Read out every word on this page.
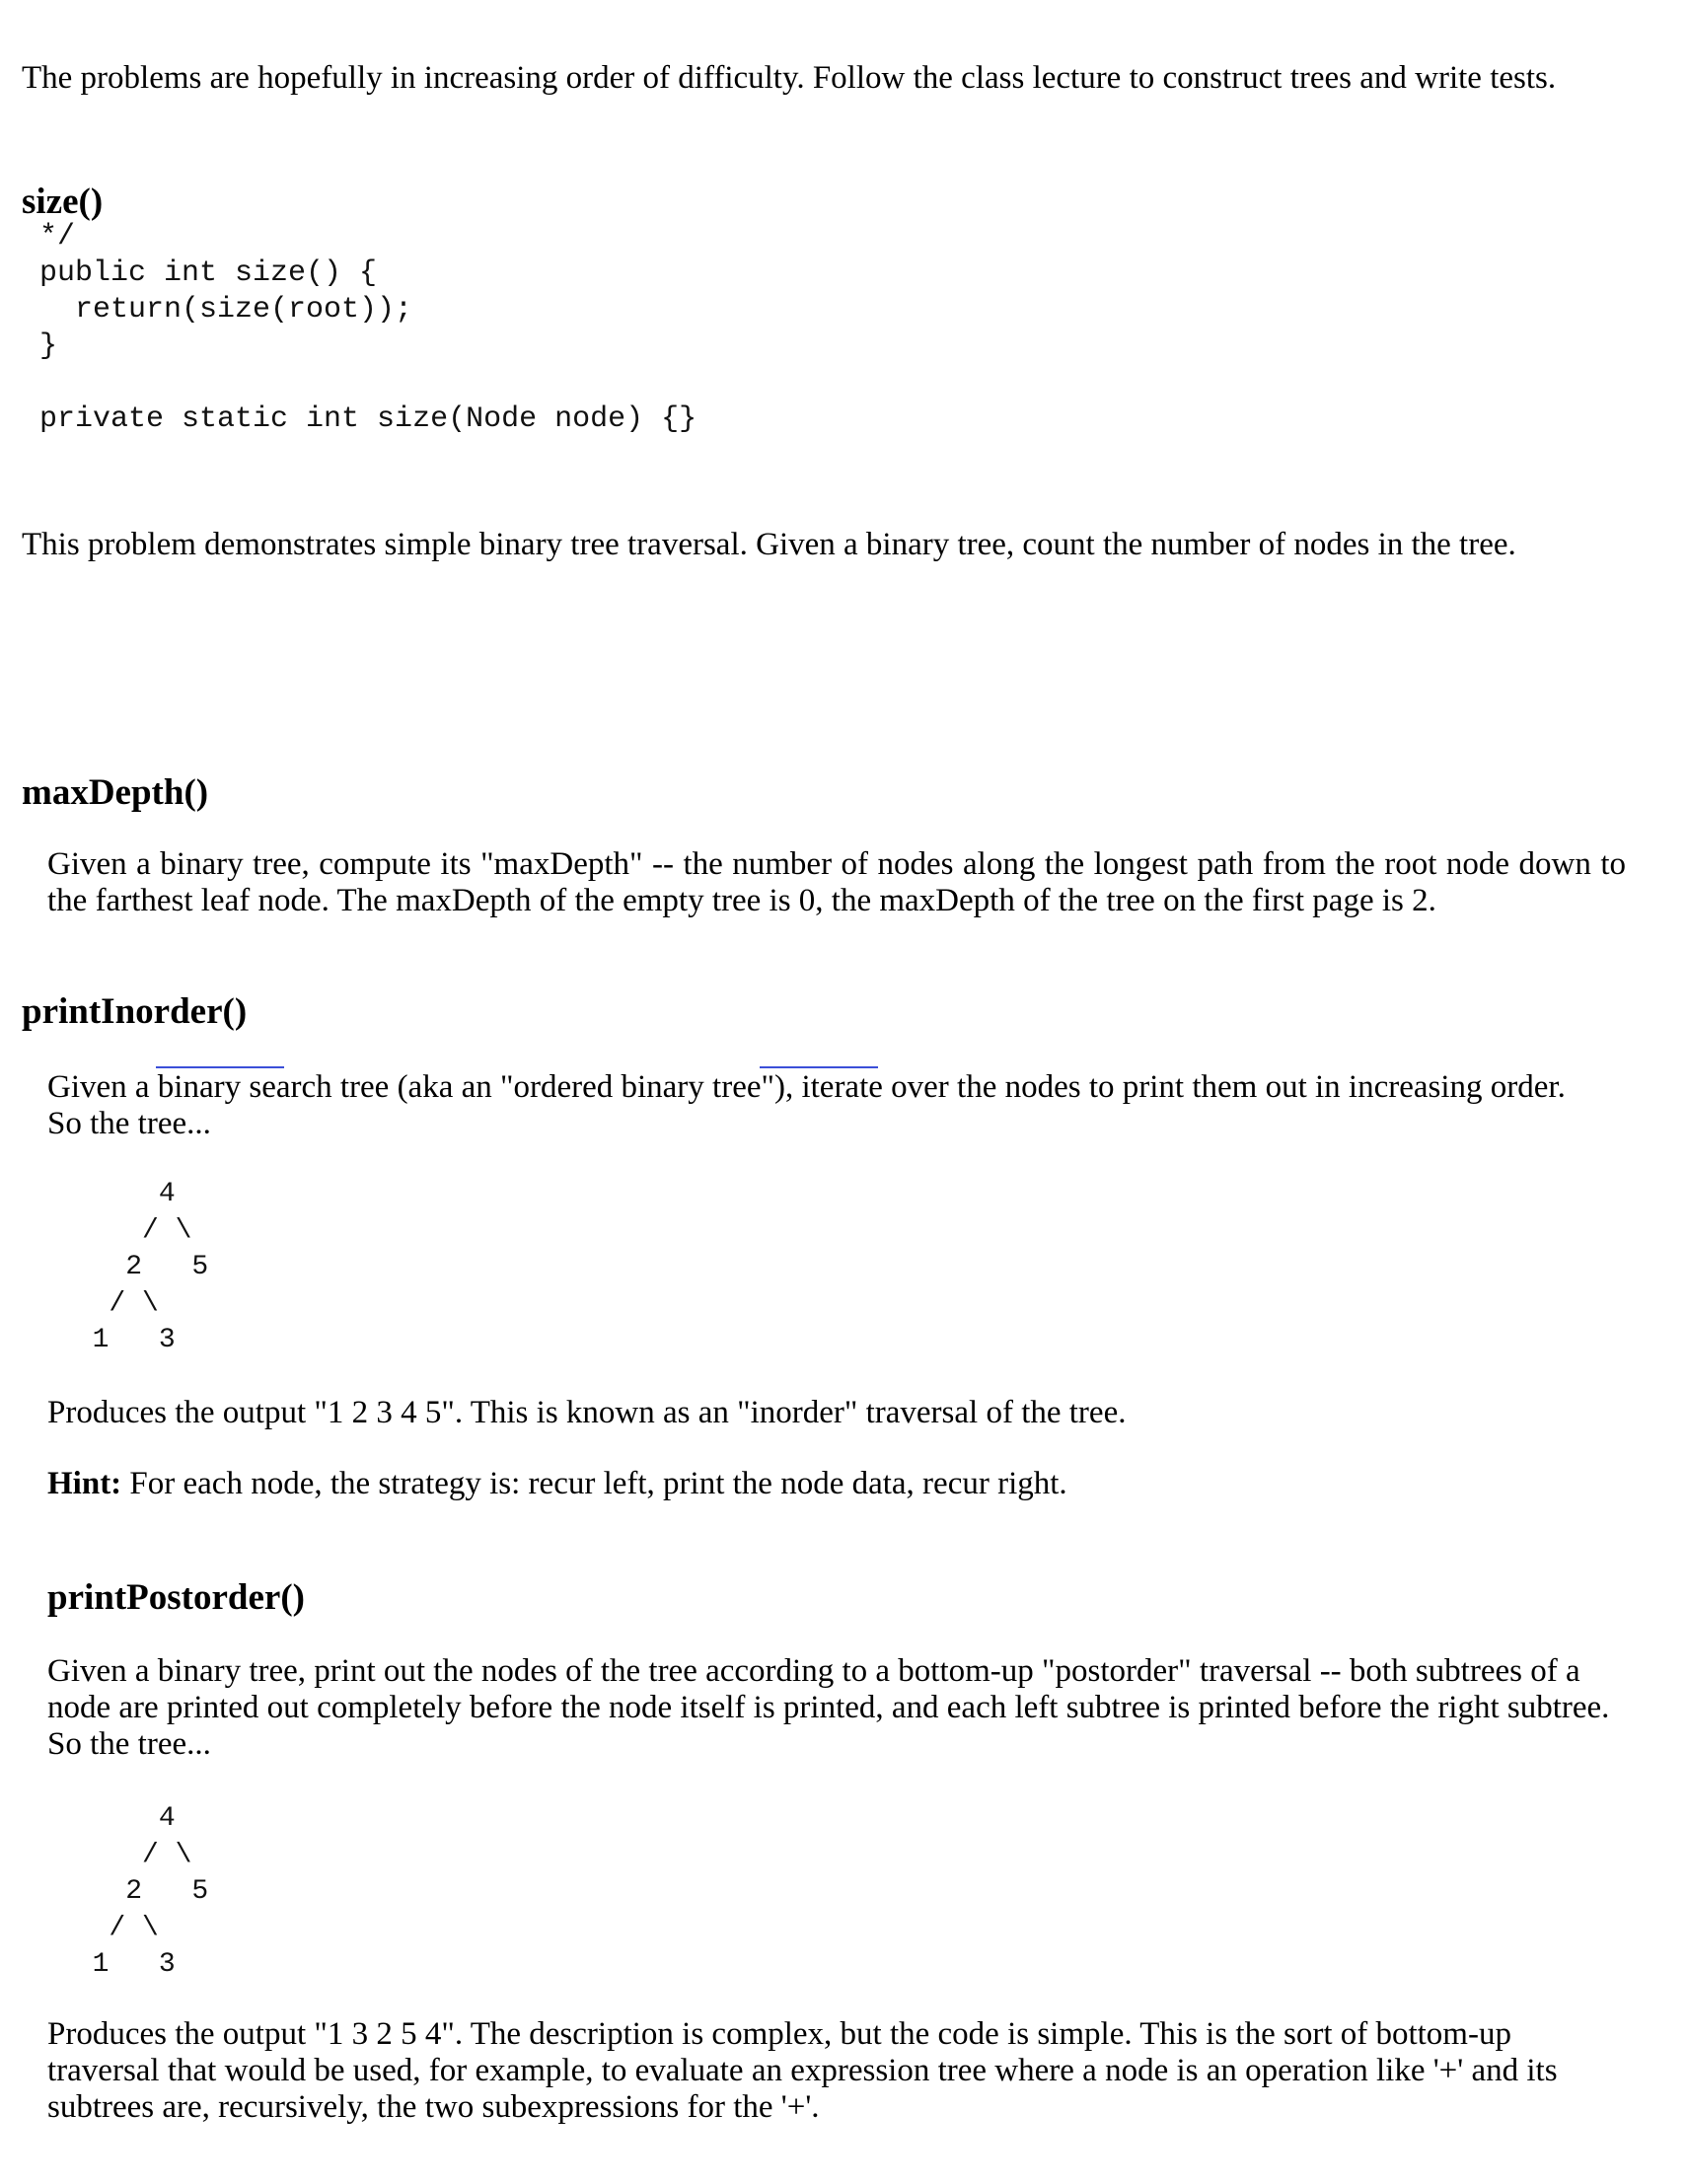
The problems are hopefully in increasing order of difficulty. Follow the class lecture to construct trees and write tests.

size()
*/
public int size() {
return(size(root));
}

private static int size(Node node) {}

This problem demonstrates simple binary tree traversal. Given a binary tree, count the number of nodes in the tree.

maxDepth()

Given a binary tree, compute its "maxDepth" -- the number of nodes along the longest path from the root node down to the farthest leaf node. The maxDepth of the empty tree is 0, the maxDepth of the tree on the first page is 2.

printInorder()

Given a binary search tree (aka an "ordered binary tree"), iterate over the nodes to print them out in increasing order. So the tree...

4
/ \
2   5
/ \
1   3

Produces the output "1 2 3 4 5". This is known as an "inorder" traversal of the tree.

Hint: For each node, the strategy is: recur left, print the node data, recur right.

printPostorder()

Given a binary tree, print out the nodes of the tree according to a bottom-up "postorder" traversal -- both subtrees of a node are printed out completely before the node itself is printed, and each left subtree is printed before the right subtree. So the tree...

4
/ \
2   5
/ \
1   3

Produces the output "1 3 2 5 4". The description is complex, but the code is simple. This is the sort of bottom-up traversal that would be used, for example, to evaluate an expression tree where a node is an operation like '+' and its subtrees are, recursively, the two subexpressions for the '+'.
